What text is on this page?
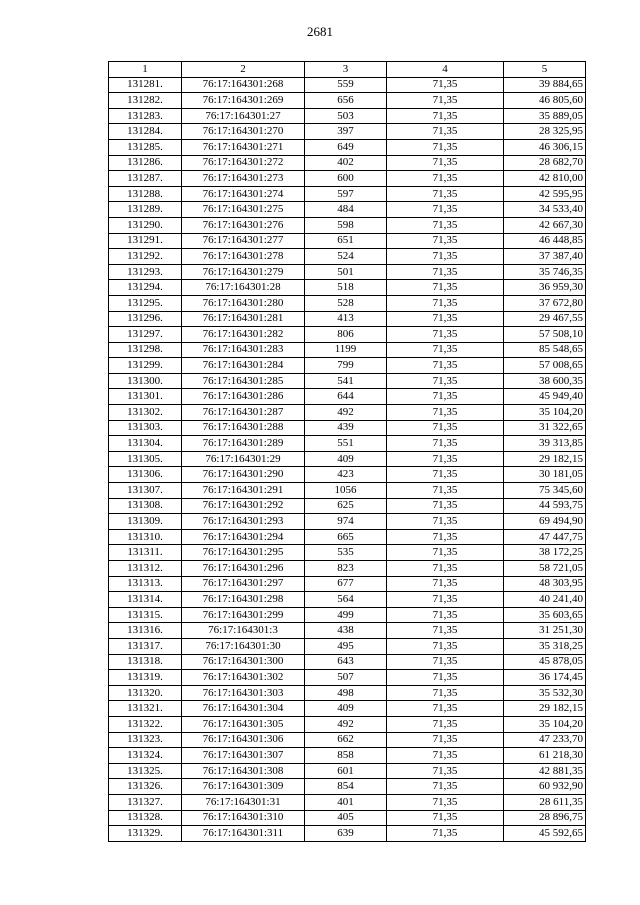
2681
1	2	3	4	5
131281.	76:17:164301:268	559	71,35	39 884,65
131282.	76:17:164301:269	656	71,35	46 805,60
131283.	76:17:164301:27	503	71,35	35 889,05
131284.	76:17:164301:270	397	71,35	28 325,95
131285.	76:17:164301:271	649	71,35	46 306,15
131286.	76:17:164301:272	402	71,35	28 682,70
131287.	76:17:164301:273	600	71,35	42 810,00
131288.	76:17:164301:274	597	71,35	42 595,95
131289.	76:17:164301:275	484	71,35	34 533,40
131290.	76:17:164301:276	598	71,35	42 667,30
131291.	76:17:164301:277	651	71,35	46 448,85
131292.	76:17:164301:278	524	71,35	37 387,40
131293.	76:17:164301:279	501	71,35	35 746,35
131294.	76:17:164301:28	518	71,35	36 959,30
131295.	76:17:164301:280	528	71,35	37 672,80
131296.	76:17:164301:281	413	71,35	29 467,55
131297.	76:17:164301:282	806	71,35	57 508,10
131298.	76:17:164301:283	1199	71,35	85 548,65
131299.	76:17:164301:284	799	71,35	57 008,65
131300.	76:17:164301:285	541	71,35	38 600,35
131301.	76:17:164301:286	644	71,35	45 949,40
131302.	76:17:164301:287	492	71,35	35 104,20
131303.	76:17:164301:288	439	71,35	31 322,65
131304.	76:17:164301:289	551	71,35	39 313,85
131305.	76:17:164301:29	409	71,35	29 182,15
131306.	76:17:164301:290	423	71,35	30 181,05
131307.	76:17:164301:291	1056	71,35	75 345,60
131308.	76:17:164301:292	625	71,35	44 593,75
131309.	76:17:164301:293	974	71,35	69 494,90
131310.	76:17:164301:294	665	71,35	47 447,75
131311.	76:17:164301:295	535	71,35	38 172,25
131312.	76:17:164301:296	823	71,35	58 721,05
131313.	76:17:164301:297	677	71,35	48 303,95
131314.	76:17:164301:298	564	71,35	40 241,40
131315.	76:17:164301:299	499	71,35	35 603,65
131316.	76:17:164301:3	438	71,35	31 251,30
131317.	76:17:164301:30	495	71,35	35 318,25
131318.	76:17:164301:300	643	71,35	45 878,05
131319.	76:17:164301:302	507	71,35	36 174,45
131320.	76:17:164301:303	498	71,35	35 532,30
131321.	76:17:164301:304	409	71,35	29 182,15
131322.	76:17:164301:305	492	71,35	35 104,20
131323.	76:17:164301:306	662	71,35	47 233,70
131324.	76:17:164301:307	858	71,35	61 218,30
131325.	76:17:164301:308	601	71,35	42 881,35
131326.	76:17:164301:309	854	71,35	60 932,90
131327.	76:17:164301:31	401	71,35	28 611,35
131328.	76:17:164301:310	405	71,35	28 896,75
131329.	76:17:164301:311	639	71,35	45 592,65
